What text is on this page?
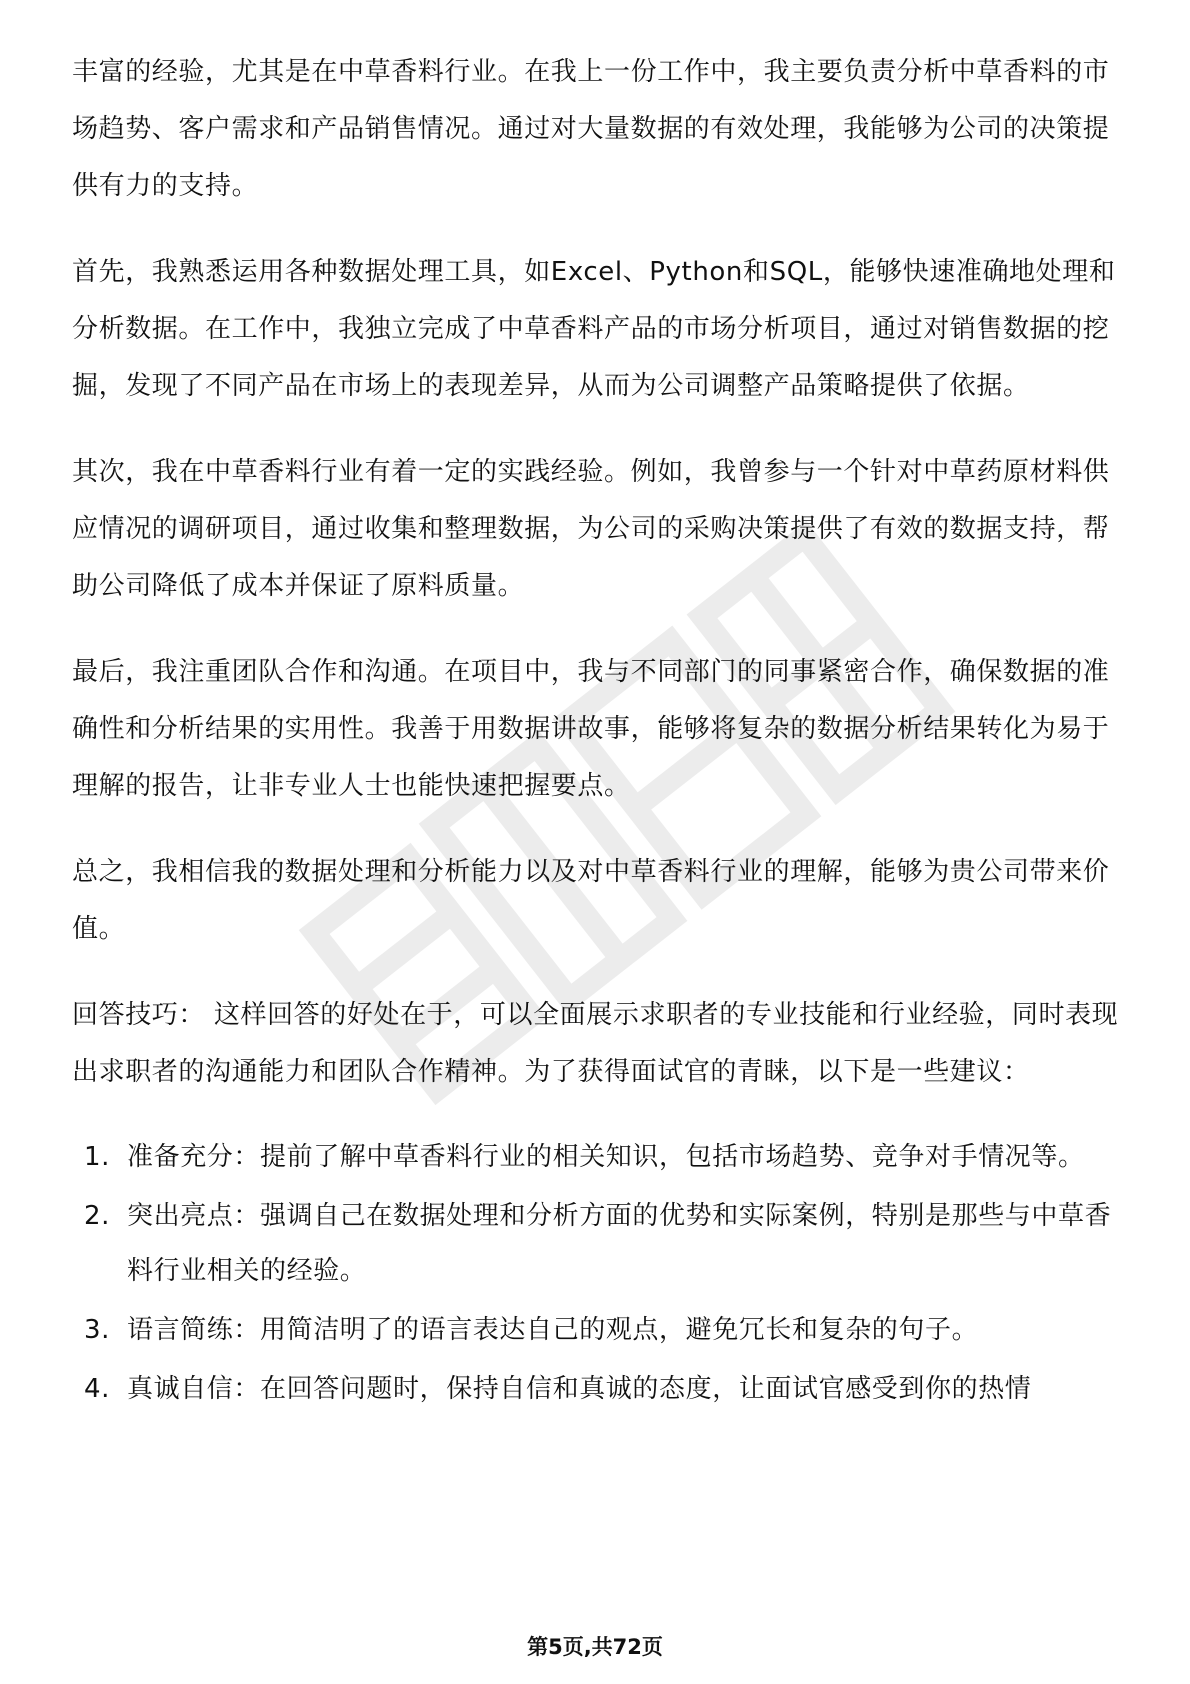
丰富的经验，尤其是在中草香料行业。在我上一份工作中，我主要负责分析中草香料的市场趋势、客户需求和产品销售情况。通过对大量数据的有效处理，我能够为公司的决策提供有力的支持。

首先，我熟悉运用各种数据处理工具，如Excel、Python和SQL，能够快速准确地处理和分析数据。在工作中，我独立完成了中草香料产品的市场分析项目，通过对销售数据的挖掘，发现了不同产品在市场上的表现差异，从而为公司调整产品策略提供了依据。

其次，我在中草香料行业有着一定的实践经验。例如，我曾参与一个针对中草药原材料供应情况的调研项目，通过收集和整理数据，为公司的采购决策提供了有效的数据支持，帮助公司降低了成本并保证了原料质量。

最后，我注重团队合作和沟通。在项目中，我与不同部门的同事紧密合作，确保数据的准确性和分析结果的实用性。我善于用数据讲故事，能够将复杂的数据分析结果转化为易于理解的报告，让非专业人士也能快速把握要点。

总之，我相信我的数据处理和分析能力以及对中草香料行业的理解，能够为贵公司带来价值。

回答技巧： 这样回答的好处在于，可以全面展示求职者的专业技能和行业经验，同时表现出求职者的沟通能力和团队合作精神。为了获得面试官的青睐，以下是一些建议：

1. 准备充分：提前了解中草香料行业的相关知识，包括市场趋势、竞争对手情况等。
2. 突出亮点：强调自己在数据处理和分析方面的优势和实际案例，特别是那些与中草香料行业相关的经验。
3. 语言简练：用简洁明了的语言表达自己的观点，避免冗长和复杂的句子。
4. 真诚自信：在回答问题时，保持自信和真诚的态度，让面试官感受到你的热情
第5页,共72页
